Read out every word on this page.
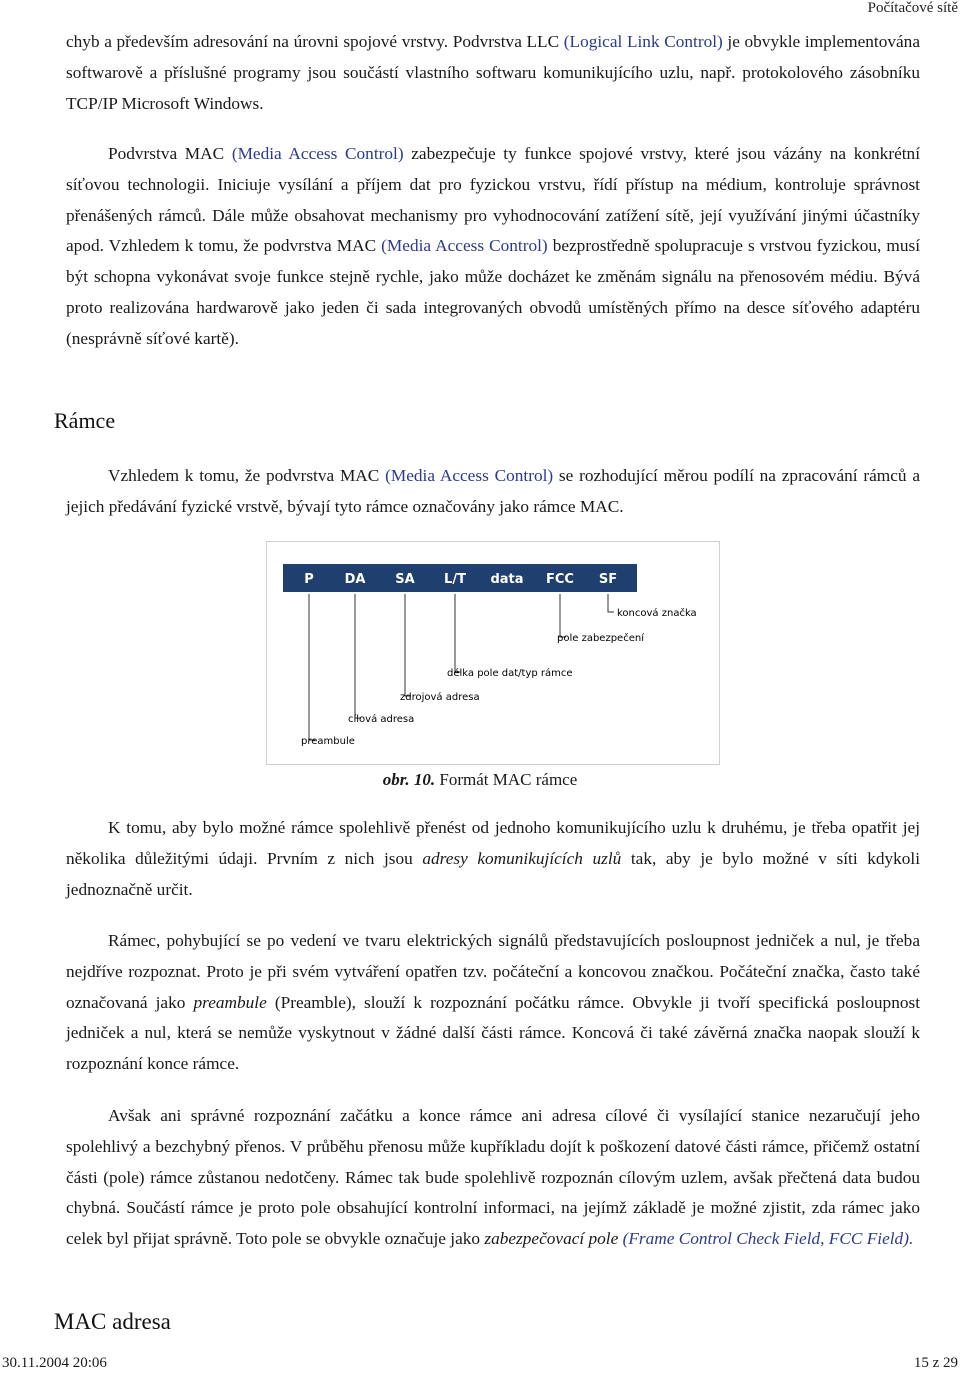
Počítačové sítě

chyb a především adresování na úrovni spojové vrstvy. Podvrstva LLC (Logical Link Control) je obvykle implementována softwarově a příslušné programy jsou součástí vlastního softwaru komunikujícího uzlu, např. protokolového zásobníku TCP/IP Microsoft Windows.

Podvrstva MAC (Media Access Control) zabezpečuje ty funkce spojové vrstvy, které jsou vázány na konkrétní síťovou technologii. Iniciuje vysílání a příjem dat pro fyzickou vrstvu, řídí přístup na médium, kontroluje správnost přenášených rámců. Dále může obsahovat mechanismy pro vyhodnocování zatížení sítě, její využívání jinými účastníky apod. Vzhledem k tomu, že podvrstva MAC (Media Access Control) bezprostředně spolupracuje s vrstvou fyzickou, musí být schopna vykonávat svoje funkce stejně rychle, jako může docházet ke změnám signálu na přenosovém médiu. Bývá proto realizována hardwarově jako jeden či sada integrovaných obvodů umístěných přímo na desce síťového adaptéru (nesprávně síťové kartě).

Rámce

Vzhledem k tomu, že podvrstva MAC (Media Access Control) se rozhodující měrou podílí na zpracování rámců a jejich předávání fyzické vrstvě, bývají tyto rámce označovány jako rámce MAC.

P DA SA L/T data FCC SF
koncová značka
pole zabezpečení
délka pole dat/typ rámce
zdrojová adresa
cílová adresa
preambule
obr. 10. Formát MAC rámce

K tomu, aby bylo možné rámce spolehlivě přenést od jednoho komunikujícího uzlu k druhému, je třeba opatřit jej několika důležitými údaji. Prvním z nich jsou adresy komunikujících uzlů tak, aby je bylo možné v síti kdykoli jednoznačně určit.

Rámec, pohybující se po vedení ve tvaru elektrických signálů představujících posloupnost jedniček a nul, je třeba nejdříve rozpoznat. Proto je při svém vytváření opatřen tzv. počáteční a koncovou značkou. Počáteční značka, často také označovaná jako preambule (Preamble), slouží k rozpoznání počátku rámce. Obvykle ji tvoří specifická posloupnost jedniček a nul, která se nemůže vyskytnout v žádné další části rámce. Koncová či také závěrná značka naopak slouží k rozpoznání konce rámce.

Avšak ani správné rozpoznání začátku a konce rámce ani adresa cílové či vysílající stanice nezaručují jeho spolehlivý a bezchybný přenos. V průběhu přenosu může kupříkladu dojít k poškození datové části rámce, přičemž ostatní části (pole) rámce zůstanou nedotčeny. Rámec tak bude spolehlivě rozpoznán cílovým uzlem, avšak přečtená data budou chybná. Součástí rámce je proto pole obsahující kontrolní informaci, na jejímž základě je možné zjistit, zda rámec jako celek byl přijat správně. Toto pole se obvykle označuje jako zabezpečovací pole (Frame Control Check Field, FCC Field).

MAC adresa
30.11.2004 20:06	15 z 29
